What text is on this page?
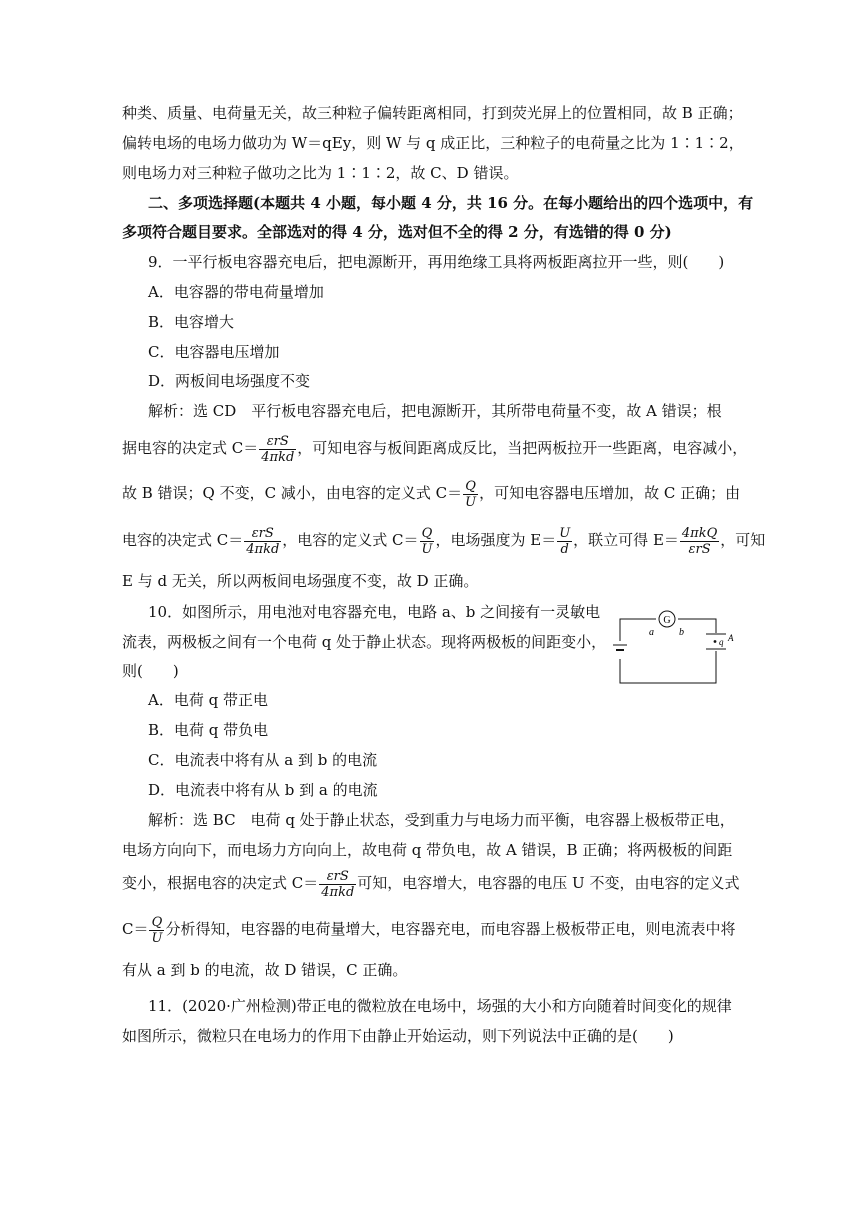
种类、质量、电荷量无关，故三种粒子偏转距离相同，打到荧光屏上的位置相同，故 B 正确；
偏转电场的电场力做功为 W＝qEy，则 W 与 q 成正比，三种粒子的电荷量之比为 1∶1∶2，
则电场力对三种粒子做功之比为 1∶1∶2，故 C、D 错误。
二、多项选择题(本题共 4 小题，每小题 4 分，共 16 分。在每小题给出的四个选项中，有
多项符合题目要求。全部选对的得 4 分，选对但不全的得 2 分，有选错的得 0 分)
9．一平行板电容器充电后，把电源断开，再用绝缘工具将两板距离拉开一些，则(　　)
A．电容器的带电荷量增加
B．电容增大
C．电容器电压增加
D．两板间电场强度不变
解析：选 CD　平行板电容器充电后，把电源断开，其所带电荷量不变，故 A 错误；根
据电容的决定式 $C= \frac{\text{εrS}}{\text{4πkd}}$ ，可知电容与板间距离成反比，当把两板拉开一些距离，电容减小，
故 B 错误；Q 不变，C 减小，由电容的定义式 $C= \frac{Q}{U}$ ，可知电容器电压增加，故 C 正确；由
电容的决定式 $C= \frac{\text{εrS}}{\text{4πkd}}$ ，电容的定义式 $C= \frac{Q}{U}$ ，电场强度为 $E= \frac{U}{d}$ ，联立可得 $E= \frac{\text{4πkQ}}{\text{εrS}}$ ，可知
E 与 d 无关，所以两板间电场强度不变，故 D 正确。
10．如图所示，用电池对电容器充电，电路 a、b 之间接有一灵敏电
流表，两极板之间有一个电荷 q 处于静止状态。现将两极板的间距变小，
则(　　)
G
a	b
q A
A．电荷 q 带正电
B．电荷 q 带负电
C．电流表中将有从 a 到 b 的电流
D．电流表中将有从 b 到 a 的电流
解析：选 BC　电荷 q 处于静止状态，受到重力与电场力而平衡，电容器上极板带正电，
电场方向向下，而电场力方向向上，故电荷 q 带负电，故 A 错误，B 正确；将两极板的间距
变小，根据电容的决定式 $C= \frac{\text{εrS}}{\text{4πkd}}$ 可知，电容增大，电容器的电压 U 不变，由电容的定义式
$C= \frac{Q}{U}$ 分析得知，电容器的电荷量增大，电容器充电，而电容器上极板带正电，则电流表中将
有从 a 到 b 的电流，故 D 错误，C 正确。
11．(2020·广州检测)带正电的微粒放在电场中，场强的大小和方向随着时间变化的规律
如图所示，微粒只在电场力的作用下由静止开始运动，则下列说法中正确的是(　　)
